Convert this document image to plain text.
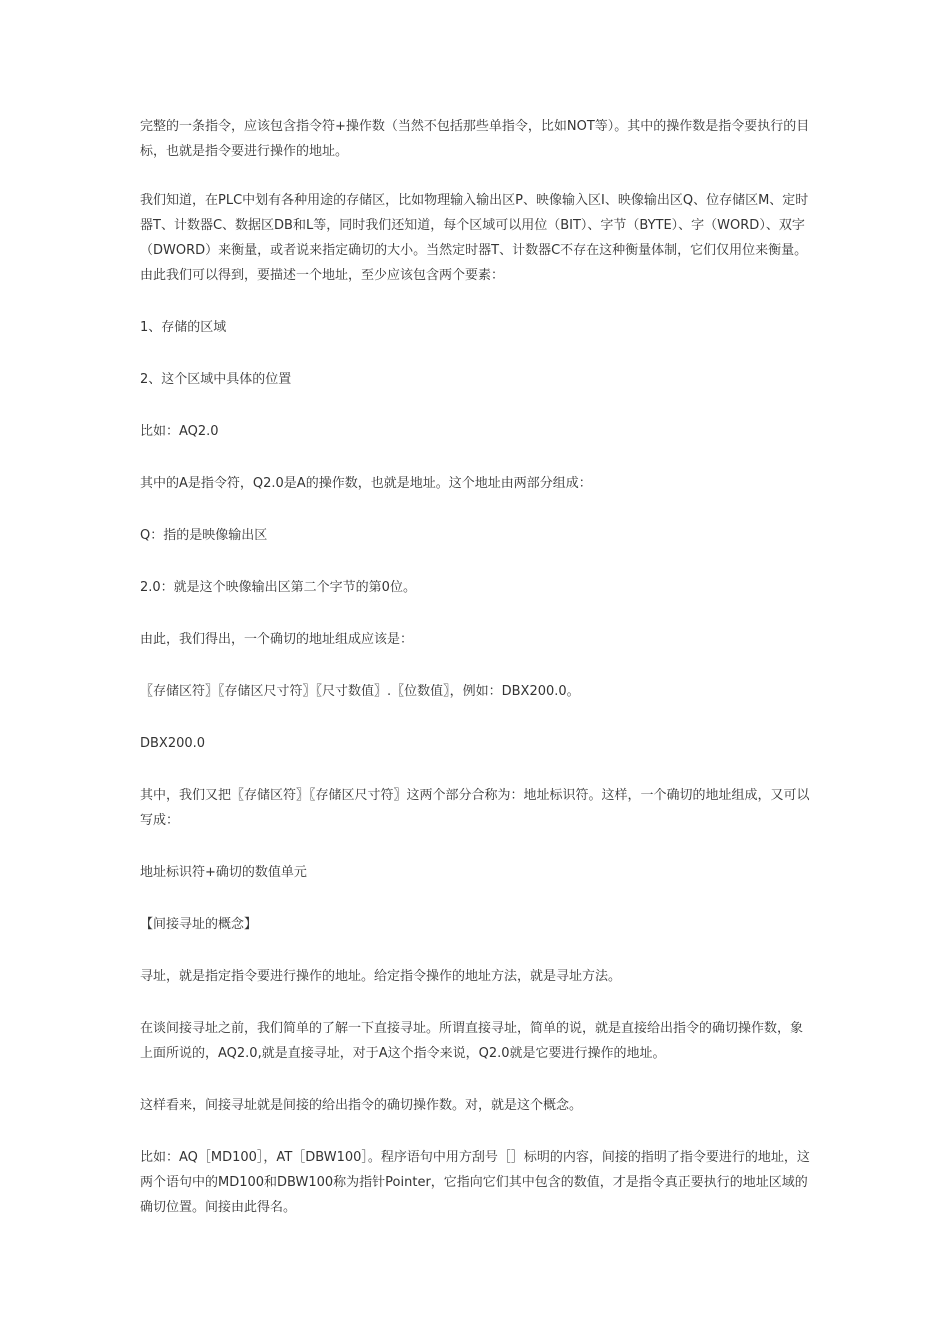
完整的一条指令，应该包含指令符+操作数（当然不包括那些单指令，比如NOT等）。其中的操作数是指令要执行的目标，也就是指令要进行操作的地址。

我们知道，在PLC中划有各种用途的存储区，比如物理输入输出区P、映像输入区I、映像输出区Q、位存储区M、定时器T、计数器C、数据区DB和L等，同时我们还知道，每个区域可以用位（BIT）、字节（BYTE）、字（WORD）、双字（DWORD）来衡量，或者说来指定确切的大小。当然定时器T、计数器C不存在这种衡量体制，它们仅用位来衡量。由此我们可以得到，要描述一个地址，至少应该包含两个要素：

1、存储的区域

2、这个区域中具体的位置

比如：AQ2.0

其中的A是指令符，Q2.0是A的操作数，也就是地址。这个地址由两部分组成：

Q：指的是映像输出区

2.0：就是这个映像输出区第二个字节的第0位。

由此，我们得出，一个确切的地址组成应该是：

〖存储区符〗〖存储区尺寸符〗〖尺寸数值〗.〖位数值〗，例如：DBX200.0。

DBX200.0

其中，我们又把〖存储区符〗〖存储区尺寸符〗这两个部分合称为：地址标识符。这样，一个确切的地址组成，又可以写成：

地址标识符+确切的数值单元

【间接寻址的概念】

寻址，就是指定指令要进行操作的地址。给定指令操作的地址方法，就是寻址方法。

在谈间接寻址之前，我们简单的了解一下直接寻址。所谓直接寻址，简单的说，就是直接给出指令的确切操作数，象上面所说的，AQ2.0,就是直接寻址，对于A这个指令来说，Q2.0就是它要进行操作的地址。

这样看来，间接寻址就是间接的给出指令的确切操作数。对，就是这个概念。

比如：AQ［MD100］，AT［DBW100］。程序语句中用方刮号［］标明的内容，间接的指明了指令要进行的地址，这两个语句中的MD100和DBW100称为指针Pointer，它指向它们其中包含的数值，才是指令真正要执行的地址区域的确切位置。间接由此得名。
